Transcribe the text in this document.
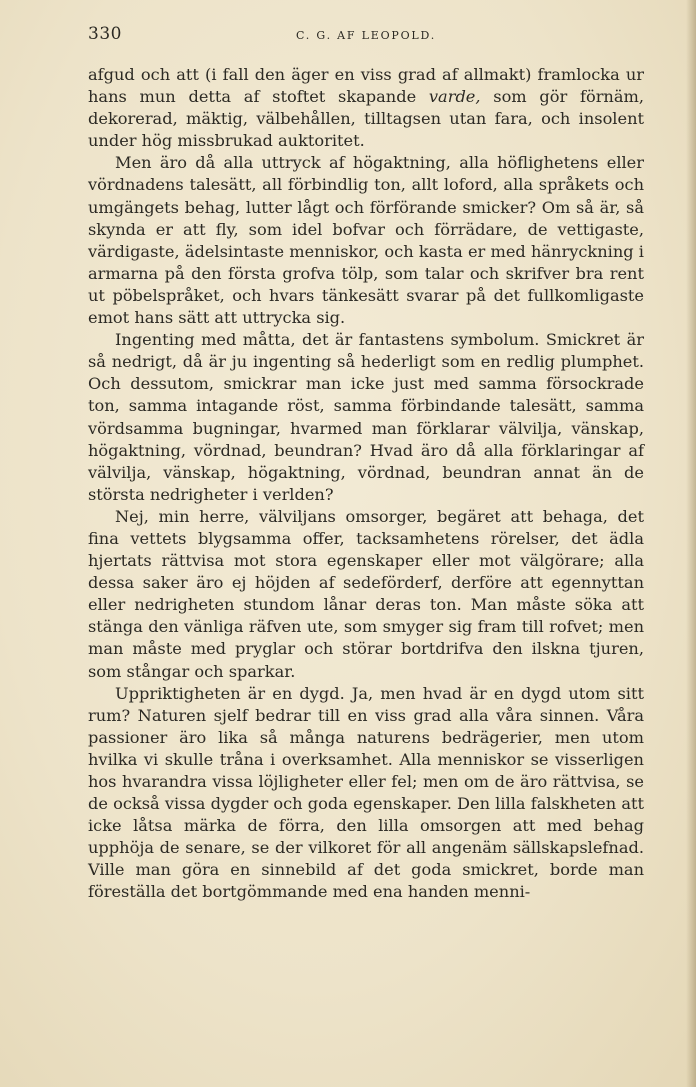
330	C. G. AF LEOPOLD.

afgud och att (i fall den äger en viss grad af allmakt) framlocka ur hans mun detta af stoftet skapande varde, som gör förnäm, dekorerad, mäktig, välbehållen, tilltagsen utan fara, och insolent under hög missbrukad auktoritet.

Men äro då alla uttryck af högaktning, alla höflighetens eller vördnadens talesätt, all förbindlig ton, allt loford, alla språkets och umgängets behag, lutter lågt och förförande smicker? Om så är, så skynda er att fly, som idel bofvar och förrädare, de vettigaste, värdigaste, ädelsintaste menniskor, och kasta er med hänryckning i armarna på den första grofva tölp, som talar och skrifver bra rent ut pöbelspråket, och hvars tänkesätt svarar på det fullkomligaste emot hans sätt att uttrycka sig.

Ingenting med måtta, det är fantastens symbolum. Smickret är så nedrigt, då är ju ingenting så hederligt som en redlig plumphet. Och dessutom, smickrar man icke just med samma försockrade ton, samma intagande röst, samma förbindande talesätt, samma vördsamma bugningar, hvarmed man förklarar välvilja, vänskap, högaktning, vördnad, beundran? Hvad äro då alla förklaringar af välvilja, vänskap, högaktning, vördnad, beundran annat än de största nedrigheter i verlden?

Nej, min herre, välviljans omsorger, begäret att behaga, det fina vettets blygsamma offer, tacksamhetens rörelser, det ädla hjertats rättvisa mot stora egenskaper eller mot välgörare; alla dessa saker äro ej höjden af sedeförderf, derföre att egennyttan eller nedrigheten stundom lånar deras ton. Man måste söka att stänga den vänliga räfven ute, som smyger sig fram till rofvet; men man måste med pryglar och störar bortdrifva den ilskna tjuren, som stångar och sparkar.

Uppriktigheten är en dygd. Ja, men hvad är en dygd utom sitt rum? Naturen sjelf bedrar till en viss grad alla våra sinnen. Våra passioner äro lika så många naturens bedrägerier, men utom hvilka vi skulle tråna i overksamhet. Alla menniskor se visserligen hos hvarandra vissa löjligheter eller fel; men om de äro rättvisa, se de också vissa dygder och goda egenskaper. Den lilla falskheten att icke låtsa märka de förra, den lilla omsorgen att med behag upphöja de senare, se der vilkoret för all angenäm sällskapslefnad. Ville man göra en sinnebild af det goda smickret, borde man föreställa det bortgömmande med ena handen menni-
